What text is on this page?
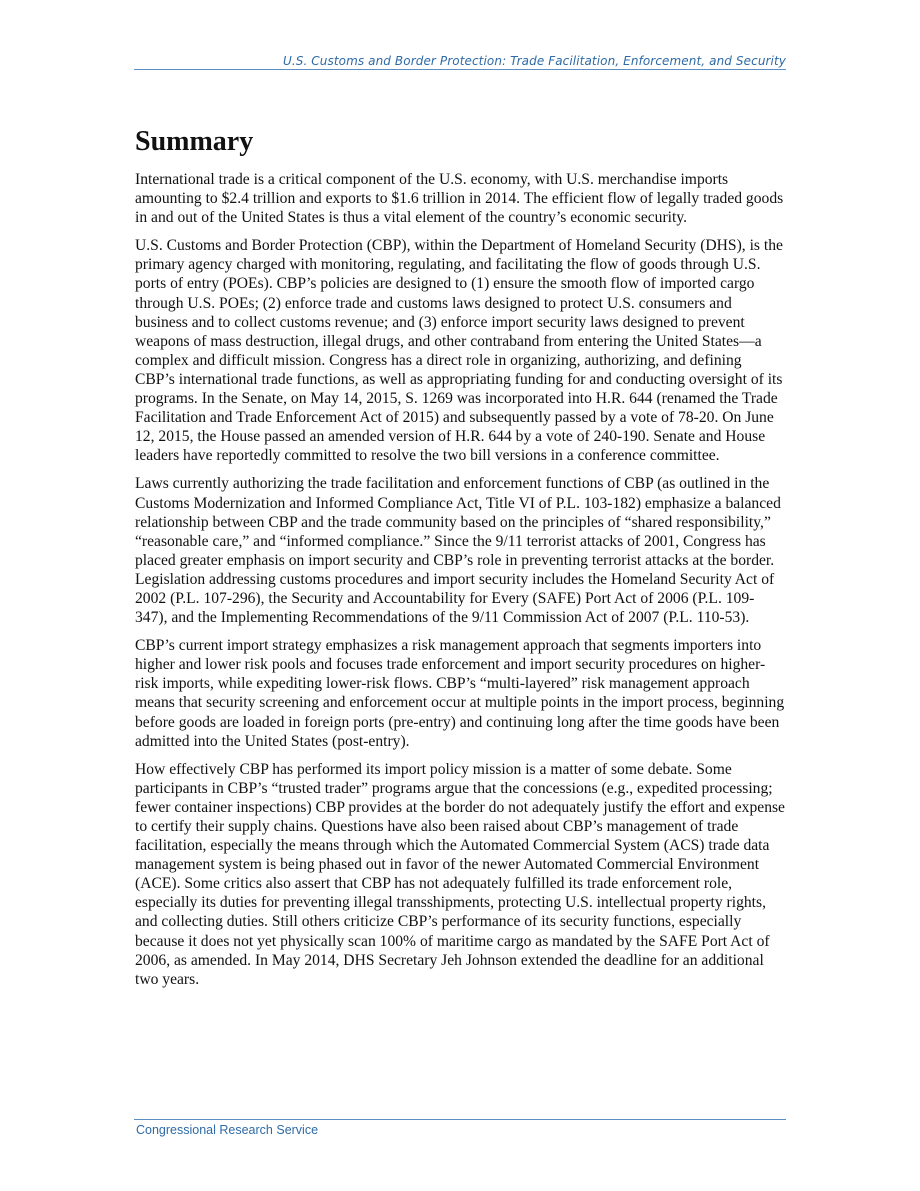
U.S. Customs and Border Protection: Trade Facilitation, Enforcement, and Security
Summary

International trade is a critical component of the U.S. economy, with U.S. merchandise imports amounting to $2.4 trillion and exports to $1.6 trillion in 2014. The efficient flow of legally traded goods in and out of the United States is thus a vital element of the country’s economic security.

U.S. Customs and Border Protection (CBP), within the Department of Homeland Security (DHS), is the primary agency charged with monitoring, regulating, and facilitating the flow of goods through U.S. ports of entry (POEs). CBP’s policies are designed to (1) ensure the smooth flow of imported cargo through U.S. POEs; (2) enforce trade and customs laws designed to protect U.S. consumers and business and to collect customs revenue; and (3) enforce import security laws designed to prevent weapons of mass destruction, illegal drugs, and other contraband from entering the United States—a complex and difficult mission. Congress has a direct role in organizing, authorizing, and defining CBP’s international trade functions, as well as appropriating funding for and conducting oversight of its programs. In the Senate, on May 14, 2015, S. 1269 was incorporated into H.R. 644 (renamed the Trade Facilitation and Trade Enforcement Act of 2015) and subsequently passed by a vote of 78-20. On June 12, 2015, the House passed an amended version of H.R. 644 by a vote of 240-190. Senate and House leaders have reportedly committed to resolve the two bill versions in a conference committee.

Laws currently authorizing the trade facilitation and enforcement functions of CBP (as outlined in the Customs Modernization and Informed Compliance Act, Title VI of P.L. 103-182) emphasize a balanced relationship between CBP and the trade community based on the principles of “shared responsibility,” “reasonable care,” and “informed compliance.” Since the 9/11 terrorist attacks of 2001, Congress has placed greater emphasis on import security and CBP’s role in preventing terrorist attacks at the border. Legislation addressing customs procedures and import security includes the Homeland Security Act of 2002 (P.L. 107-296), the Security and Accountability for Every (SAFE) Port Act of 2006 (P.L. 109-347), and the Implementing Recommendations of the 9/11 Commission Act of 2007 (P.L. 110-53).

CBP’s current import strategy emphasizes a risk management approach that segments importers into higher and lower risk pools and focuses trade enforcement and import security procedures on higher-risk imports, while expediting lower-risk flows. CBP’s “multi-layered” risk management approach means that security screening and enforcement occur at multiple points in the import process, beginning before goods are loaded in foreign ports (pre-entry) and continuing long after the time goods have been admitted into the United States (post-entry).

How effectively CBP has performed its import policy mission is a matter of some debate. Some participants in CBP’s “trusted trader” programs argue that the concessions (e.g., expedited processing; fewer container inspections) CBP provides at the border do not adequately justify the effort and expense to certify their supply chains. Questions have also been raised about CBP’s management of trade facilitation, especially the means through which the Automated Commercial System (ACS) trade data management system is being phased out in favor of the newer Automated Commercial Environment (ACE). Some critics also assert that CBP has not adequately fulfilled its trade enforcement role, especially its duties for preventing illegal transshipments, protecting U.S. intellectual property rights, and collecting duties. Still others criticize CBP’s performance of its security functions, especially because it does not yet physically scan 100% of maritime cargo as mandated by the SAFE Port Act of 2006, as amended. In May 2014, DHS Secretary Jeh Johnson extended the deadline for an additional two years.

Congressional Research Service
